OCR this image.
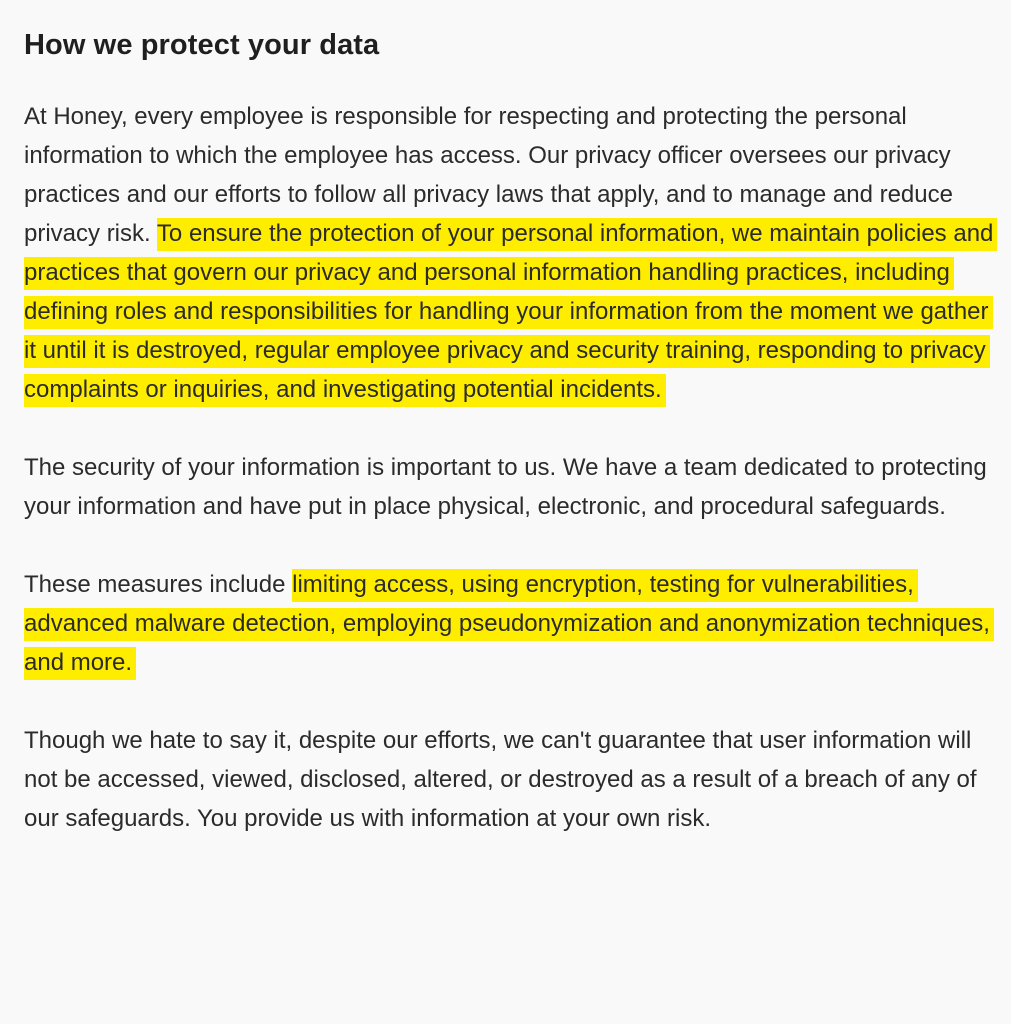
How we protect your data

At Honey, every employee is responsible for respecting and protecting the personal information to which the employee has access. Our privacy officer oversees our privacy practices and our efforts to follow all privacy laws that apply, and to manage and reduce privacy risk. To ensure the protection of your personal information, we maintain policies and practices that govern our privacy and personal information handling practices, including defining roles and responsibilities for handling your information from the moment we gather it until it is destroyed, regular employee privacy and security training, responding to privacy complaints or inquiries, and investigating potential incidents.

The security of your information is important to us. We have a team dedicated to protecting your information and have put in place physical, electronic, and procedural safeguards.

These measures include limiting access, using encryption, testing for vulnerabilities, advanced malware detection, employing pseudonymization and anonymization techniques, and more.

Though we hate to say it, despite our efforts, we can't guarantee that user information will not be accessed, viewed, disclosed, altered, or destroyed as a result of a breach of any of our safeguards. You provide us with information at your own risk.
